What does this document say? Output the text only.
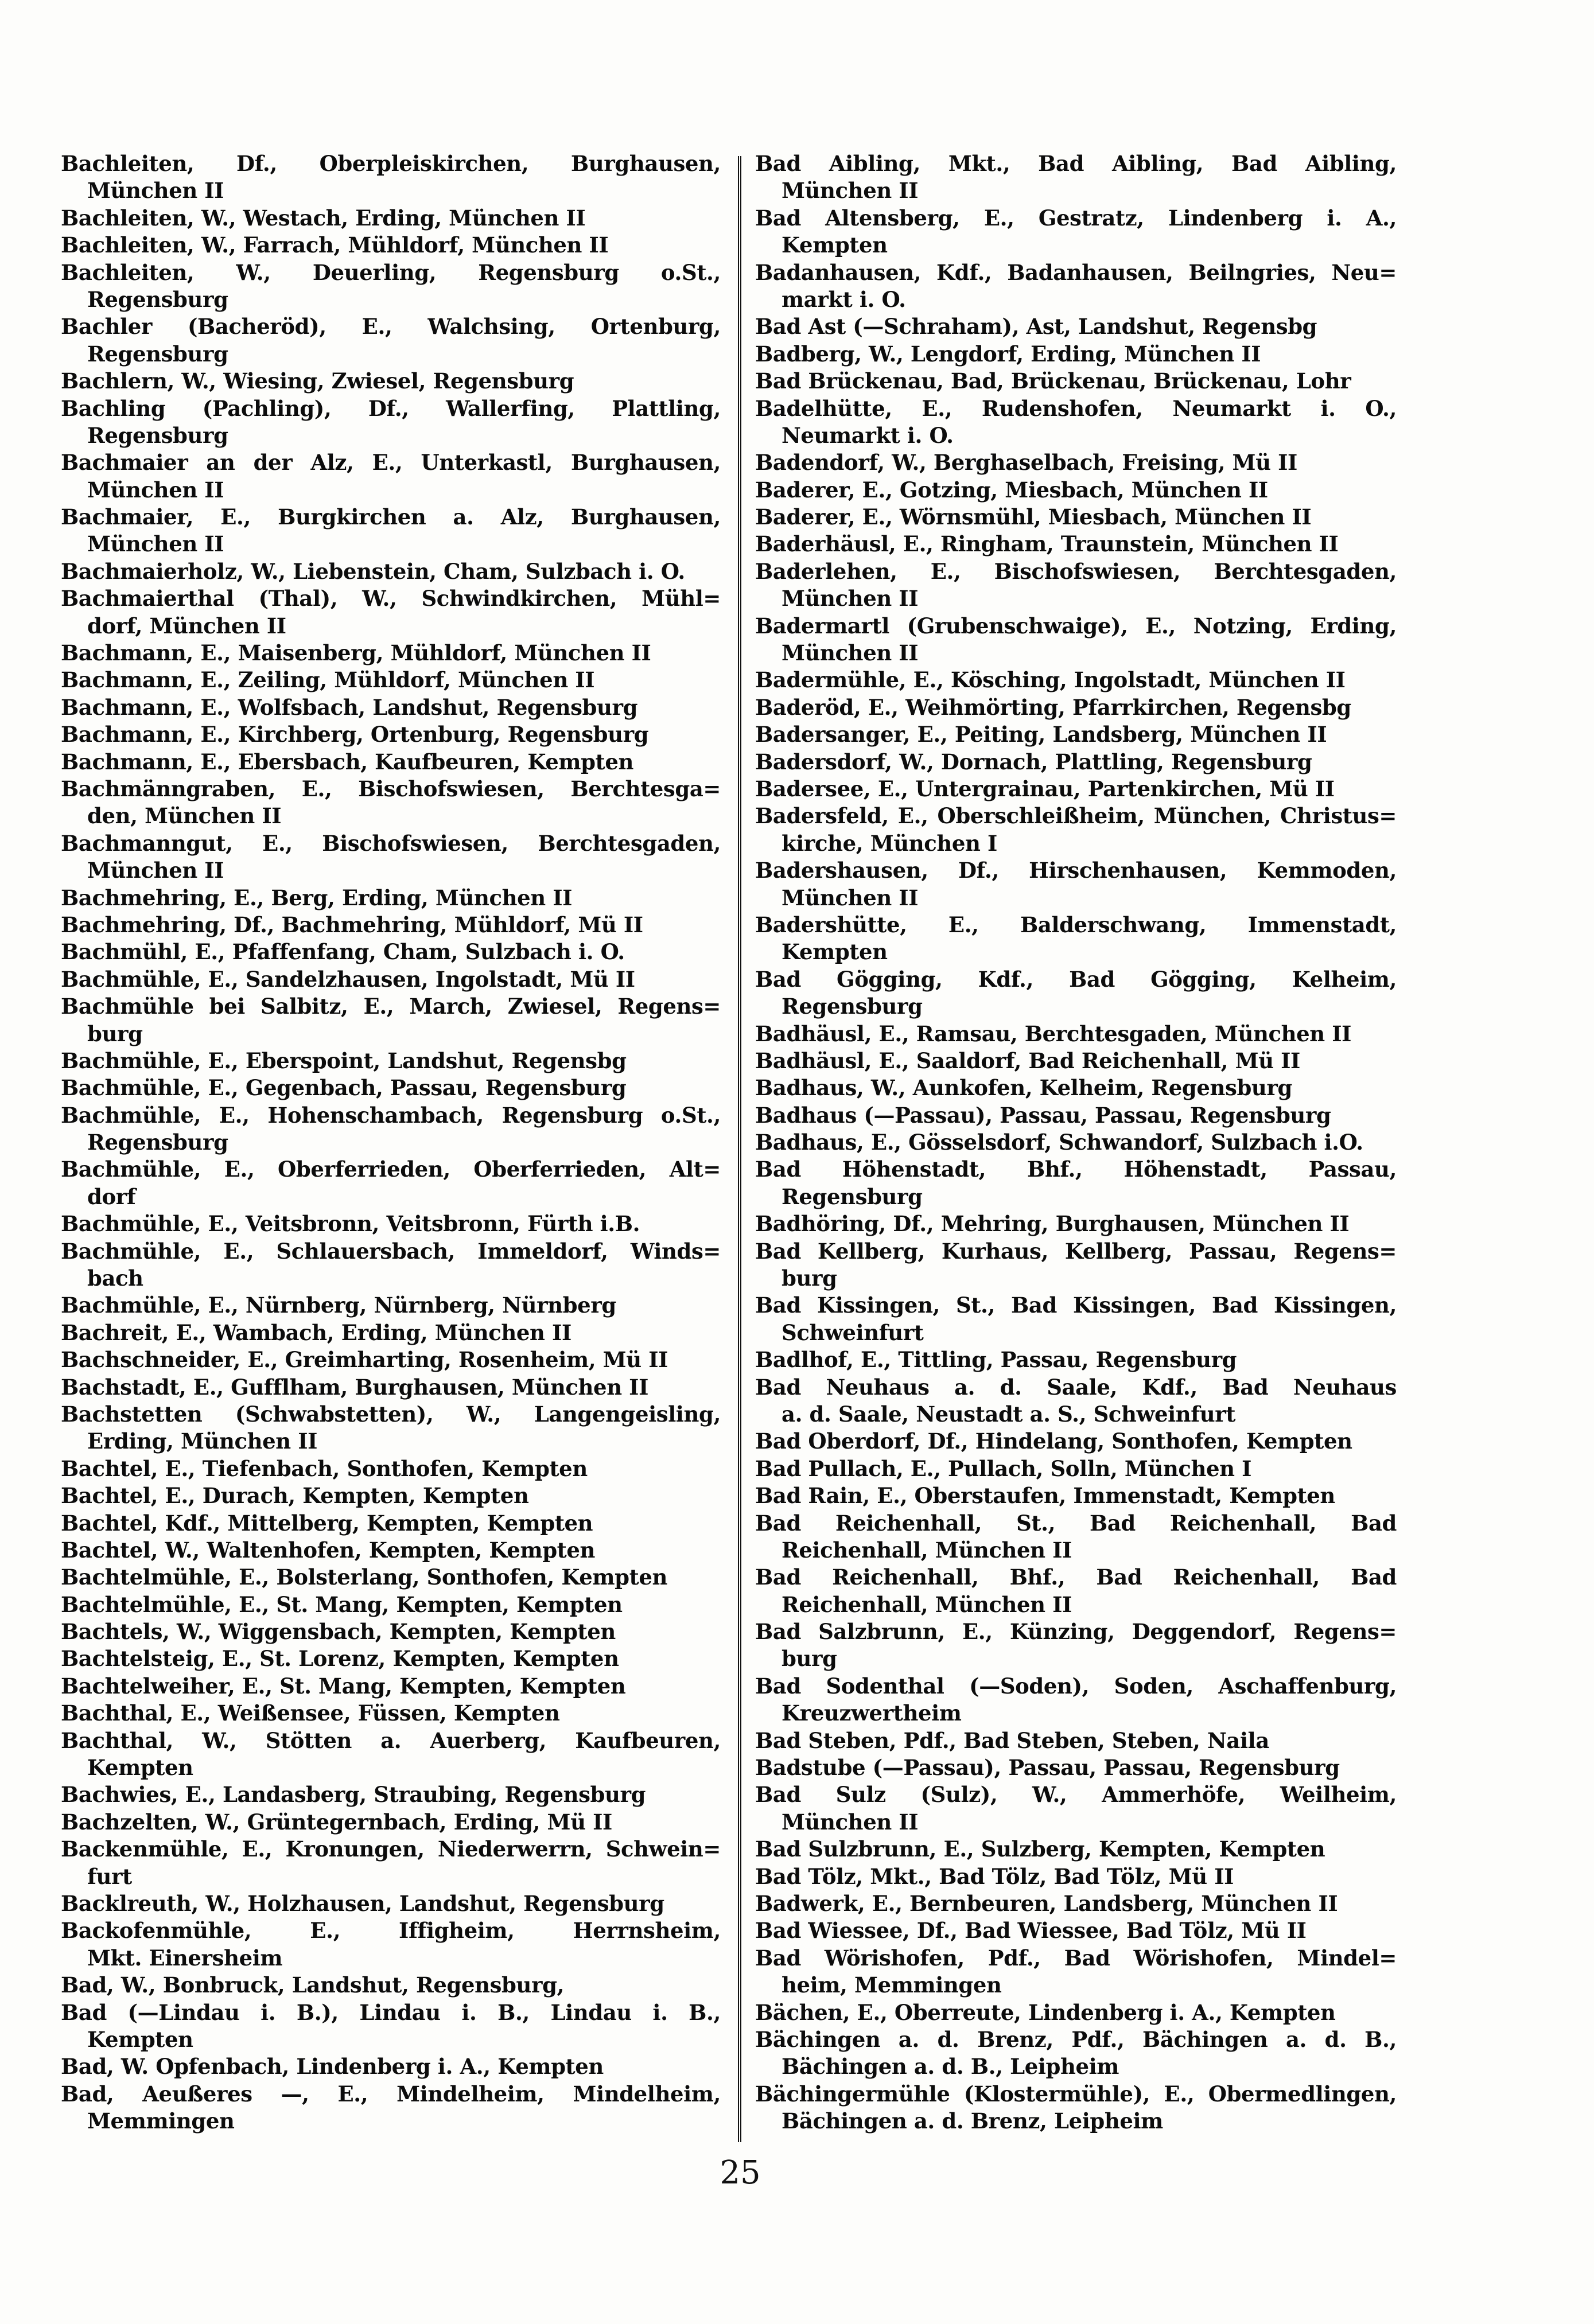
Bachleiten, Df., Oberpleiskirchen, Burghausen,
München II
Bachleiten, W., Westach, Erding, München II
Bachleiten, W., Farrach, Mühldorf, München II
Bachleiten, W., Deuerling, Regensburg o.St.,
Regensburg
Bachler (Bacheröd), E., Walchsing, Ortenburg,
Regensburg
Bachlern, W., Wiesing, Zwiesel, Regensburg
Bachling (Pachling), Df., Wallerfing, Plattling,
Regensburg
Bachmaier an der Alz, E., Unterkastl, Burghausen,
München II
Bachmaier, E., Burgkirchen a. Alz, Burghausen,
München II
Bachmaierholz, W., Liebenstein, Cham, Sulzbach i. O.
Bachmaierthal (Thal), W., Schwindkirchen, Mühl=
dorf, München II
Bachmann, E., Maisenberg, Mühldorf, München II
Bachmann, E., Zeiling, Mühldorf, München II
Bachmann, E., Wolfsbach, Landshut, Regensburg
Bachmann, E., Kirchberg, Ortenburg, Regensburg
Bachmann, E., Ebersbach, Kaufbeuren, Kempten
Bachmänngraben, E., Bischofswiesen, Berchtesga=
den, München II
Bachmanngut, E., Bischofswiesen, Berchtesgaden,
München II
Bachmehring, E., Berg, Erding, München II
Bachmehring, Df., Bachmehring, Mühldorf, Mü II
Bachmühl, E., Pfaffenfang, Cham, Sulzbach i. O.
Bachmühle, E., Sandelzhausen, Ingolstadt, Mü II
Bachmühle bei Salbitz, E., March, Zwiesel, Regens=
burg
Bachmühle, E., Eberspoint, Landshut, Regensbg
Bachmühle, E., Gegenbach, Passau, Regensburg
Bachmühle, E., Hohenschambach, Regensburg o.St.,
Regensburg
Bachmühle, E., Oberferrieden, Oberferrieden, Alt=
dorf
Bachmühle, E., Veitsbronn, Veitsbronn, Fürth i.B.
Bachmühle, E., Schlauersbach, Immeldorf, Winds=
bach
Bachmühle, E., Nürnberg, Nürnberg, Nürnberg
Bachreit, E., Wambach, Erding, München II
Bachschneider, E., Greimharting, Rosenheim, Mü II
Bachstadt, E., Gufflham, Burghausen, München II
Bachstetten (Schwabstetten), W., Langengeisling,
Erding, München II
Bachtel, E., Tiefenbach, Sonthofen, Kempten
Bachtel, E., Durach, Kempten, Kempten
Bachtel, Kdf., Mittelberg, Kempten, Kempten
Bachtel, W., Waltenhofen, Kempten, Kempten
Bachtelmühle, E., Bolsterlang, Sonthofen, Kempten
Bachtelmühle, E., St. Mang, Kempten, Kempten
Bachtels, W., Wiggensbach, Kempten, Kempten
Bachtelsteig, E., St. Lorenz, Kempten, Kempten
Bachtelweiher, E., St. Mang, Kempten, Kempten
Bachthal, E., Weißensee, Füssen, Kempten
Bachthal, W., Stötten a. Auerberg, Kaufbeuren,
Kempten
Bachwies, E., Landasberg, Straubing, Regensburg
Bachzelten, W., Grüntegernbach, Erding, Mü II
Backenmühle, E., Kronungen, Niederwerrn, Schwein=
furt
Backlreuth, W., Holzhausen, Landshut, Regensburg
Backofenmühle, E., Iffigheim, Herrnsheim,
Mkt. Einersheim
Bad, W., Bonbruck, Landshut, Regensburg,
Bad (—Lindau i. B.), Lindau i. B., Lindau i. B.,
Kempten
Bad, W. Opfenbach, Lindenberg i. A., Kempten
Bad, Aeußeres —, E., Mindelheim, Mindelheim,
Memmingen
Bad Aibling, Mkt., Bad Aibling, Bad Aibling,
München II
Bad Altensberg, E., Gestratz, Lindenberg i. A.,
Kempten
Badanhausen, Kdf., Badanhausen, Beilngries, Neu=
markt i. O.
Bad Ast (—Schraham), Ast, Landshut, Regensbg
Badberg, W., Lengdorf, Erding, München II
Bad Brückenau, Bad, Brückenau, Brückenau, Lohr
Badelhütte, E., Rudenshofen, Neumarkt i. O.,
Neumarkt i. O.
Badendorf, W., Berghaselbach, Freising, Mü II
Baderer, E., Gotzing, Miesbach, München II
Baderer, E., Wörnsmühl, Miesbach, München II
Baderhäusl, E., Ringham, Traunstein, München II
Baderlehen, E., Bischofswiesen, Berchtesgaden,
München II
Badermartl (Grubenschwaige), E., Notzing, Erding,
München II
Badermühle, E., Kösching, Ingolstadt, München II
Baderöd, E., Weihmörting, Pfarrkirchen, Regensbg
Badersanger, E., Peiting, Landsberg, München II
Badersdorf, W., Dornach, Plattling, Regensburg
Badersee, E., Untergrainau, Partenkirchen, Mü II
Badersfeld, E., Oberschleißheim, München, Christus=
kirche, München I
Badershausen, Df., Hirschenhausen, Kemmoden,
München II
Badershütte, E., Balderschwang, Immenstadt,
Kempten
Bad Gögging, Kdf., Bad Gögging, Kelheim,
Regensburg
Badhäusl, E., Ramsau, Berchtesgaden, München II
Badhäusl, E., Saaldorf, Bad Reichenhall, Mü II
Badhaus, W., Aunkofen, Kelheim, Regensburg
Badhaus (—Passau), Passau, Passau, Regensburg
Badhaus, E., Gösselsdorf, Schwandorf, Sulzbach i.O.
Bad Höhenstadt, Bhf., Höhenstadt, Passau,
Regensburg
Badhöring, Df., Mehring, Burghausen, München II
Bad Kellberg, Kurhaus, Kellberg, Passau, Regens=
burg
Bad Kissingen, St., Bad Kissingen, Bad Kissingen,
Schweinfurt
Badlhof, E., Tittling, Passau, Regensburg
Bad Neuhaus a. d. Saale, Kdf., Bad Neuhaus
a. d. Saale, Neustadt a. S., Schweinfurt
Bad Oberdorf, Df., Hindelang, Sonthofen, Kempten
Bad Pullach, E., Pullach, Solln, München I
Bad Rain, E., Oberstaufen, Immenstadt, Kempten
Bad Reichenhall, St., Bad Reichenhall, Bad
Reichenhall, München II
Bad Reichenhall, Bhf., Bad Reichenhall, Bad
Reichenhall, München II
Bad Salzbrunn, E., Künzing, Deggendorf, Regens=
burg
Bad Sodenthal (—Soden), Soden, Aschaffenburg,
Kreuzwertheim
Bad Steben, Pdf., Bad Steben, Steben, Naila
Badstube (—Passau), Passau, Passau, Regensburg
Bad Sulz (Sulz), W., Ammerhöfe, Weilheim,
München II
Bad Sulzbrunn, E., Sulzberg, Kempten, Kempten
Bad Tölz, Mkt., Bad Tölz, Bad Tölz, Mü II
Badwerk, E., Bernbeuren, Landsberg, München II
Bad Wiessee, Df., Bad Wiessee, Bad Tölz, Mü II
Bad Wörishofen, Pdf., Bad Wörishofen, Mindel=
heim, Memmingen
Bächen, E., Oberreute, Lindenberg i. A., Kempten
Bächingen a. d. Brenz, Pdf., Bächingen a. d. B.,
Bächingen a. d. B., Leipheim
Bächingermühle (Klostermühle), E., Obermedlingen,
Bächingen a. d. Brenz, Leipheim
25
